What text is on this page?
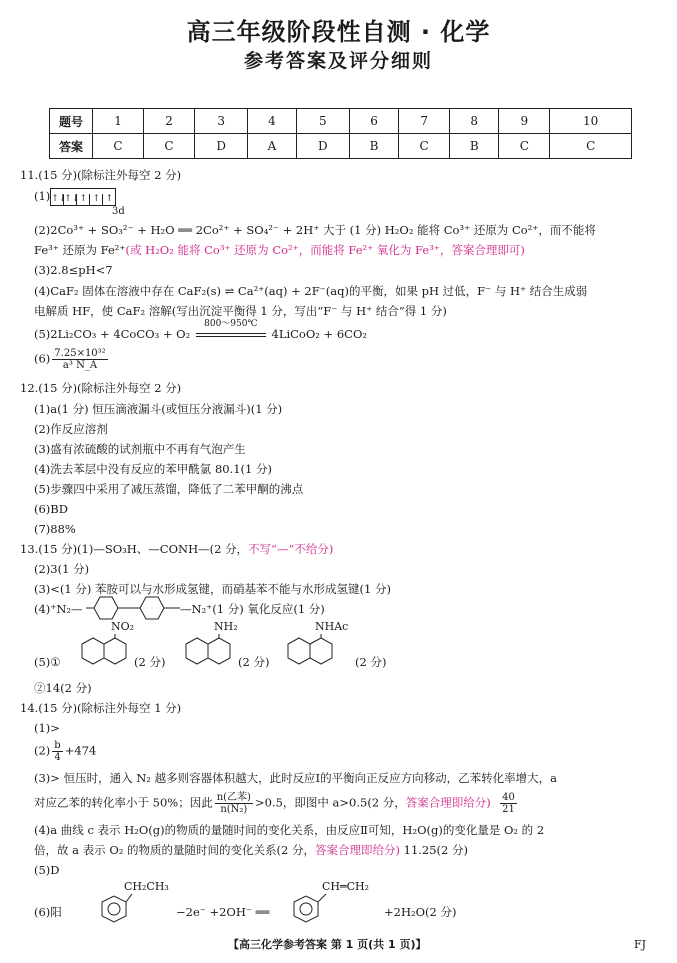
高三年级阶段性自测 · 化学
参考答案及评分细则
题号	1	2	3	4	5	6	7	8	9	10
答案	C	C	D	A	D	B	C	B	C	C
11.(15 分)(除标注外每空 2 分)
(1)↑↓↑↓↑ ↑ ↑
3d
(2)2Co³⁺ + SO₃²⁻ + H₂O ══ 2Co²⁺ + SO₄²⁻ + 2H⁺ 大于 (1 分) H₂O₂ 能将 Co³⁺ 还原为 Co²⁺，而不能将
Fe³⁺ 还原为 Fe²⁺(或 H₂O₂ 能将 Co³⁺ 还原为 Co²⁺，而能将 Fe²⁺ 氧化为 Fe³⁺，答案合理即可)
(3)2.8≤pH<7
(4)CaF₂ 固体在溶液中存在 CaF₂(s) ⇌ Ca²⁺(aq) + 2F⁻(aq)的平衡，如果 pH 过低，F⁻ 与 H⁺ 结合生成弱
电解质 HF，使 CaF₂ 溶解(写出沉淀平衡得 1 分，写出“F⁻ 与 H⁺ 结合”得 1 分)
(5)2Li₂CO₃ + 4CoCO₃ + O₂
800～950℃
4LiCoO₂ + 6CO₂
$(6) \frac{\text{7.25×10³²}}{\text{a³ N\_A}}$
12.(15 分)(除标注外每空 2 分)
(1)a(1 分) 恒压滴液漏斗(或恒压分液漏斗)(1 分)
(2)作反应溶剂
(3)盛有浓硫酸的试剂瓶中不再有气泡产生
(4)洗去苯层中没有反应的苯甲酰氯 80.1(1 分)
(5)步骤四中采用了减压蒸馏，降低了二苯甲酮的沸点
(6)BD
(7)88%
13.(15 分)(1)—SO₃H、—CONH—(2 分，不写“—”不给分)
(2)3(1 分)
(3)<(1 分) 苯胺可以与水形成氢键，而硝基苯不能与水形成氢键(1 分)
(4)⁺N₂—	—N₂⁺(1 分) 氧化反应(1 分)
NO₂	NH₂	NHAc
(5)①	(2 分)	(2 分)	(2 分)
②14(2 分)
14.(15 分)(除标注外每空 1 分)
(1)>
$(2) \frac{b}{4} +474$
(3)> 恒压时，通入 N₂ 越多则容器体积越大，此时反应Ⅰ的平衡向正反应方向移动，乙苯转化率增大，a
对应乙苯的转化率小于 50%；因此 $\frac{\text{n(乙苯)}}{\text{n(N₂)}} >0.5$，即图中 a>0.5(2 分，答案合理即给分) $\frac{40}{21}$
(4)a 曲线 c 表示 H₂O(g)的物质的量随时间的变化关系，由反应Ⅱ可知，H₂O(g)的变化量是 O₂ 的 2
倍，故 a 表示 O₂ 的物质的量随时间的变化关系(2 分，答案合理即给分) 11.25(2 分)
(5)D
CH₂CH₃	CH═CH₂
(6)阳	−2e⁻ +2OH⁻ ══	+2H₂O(2 分)
【高三化学参考答案 第 1 页(共 1 页)】	FJ
